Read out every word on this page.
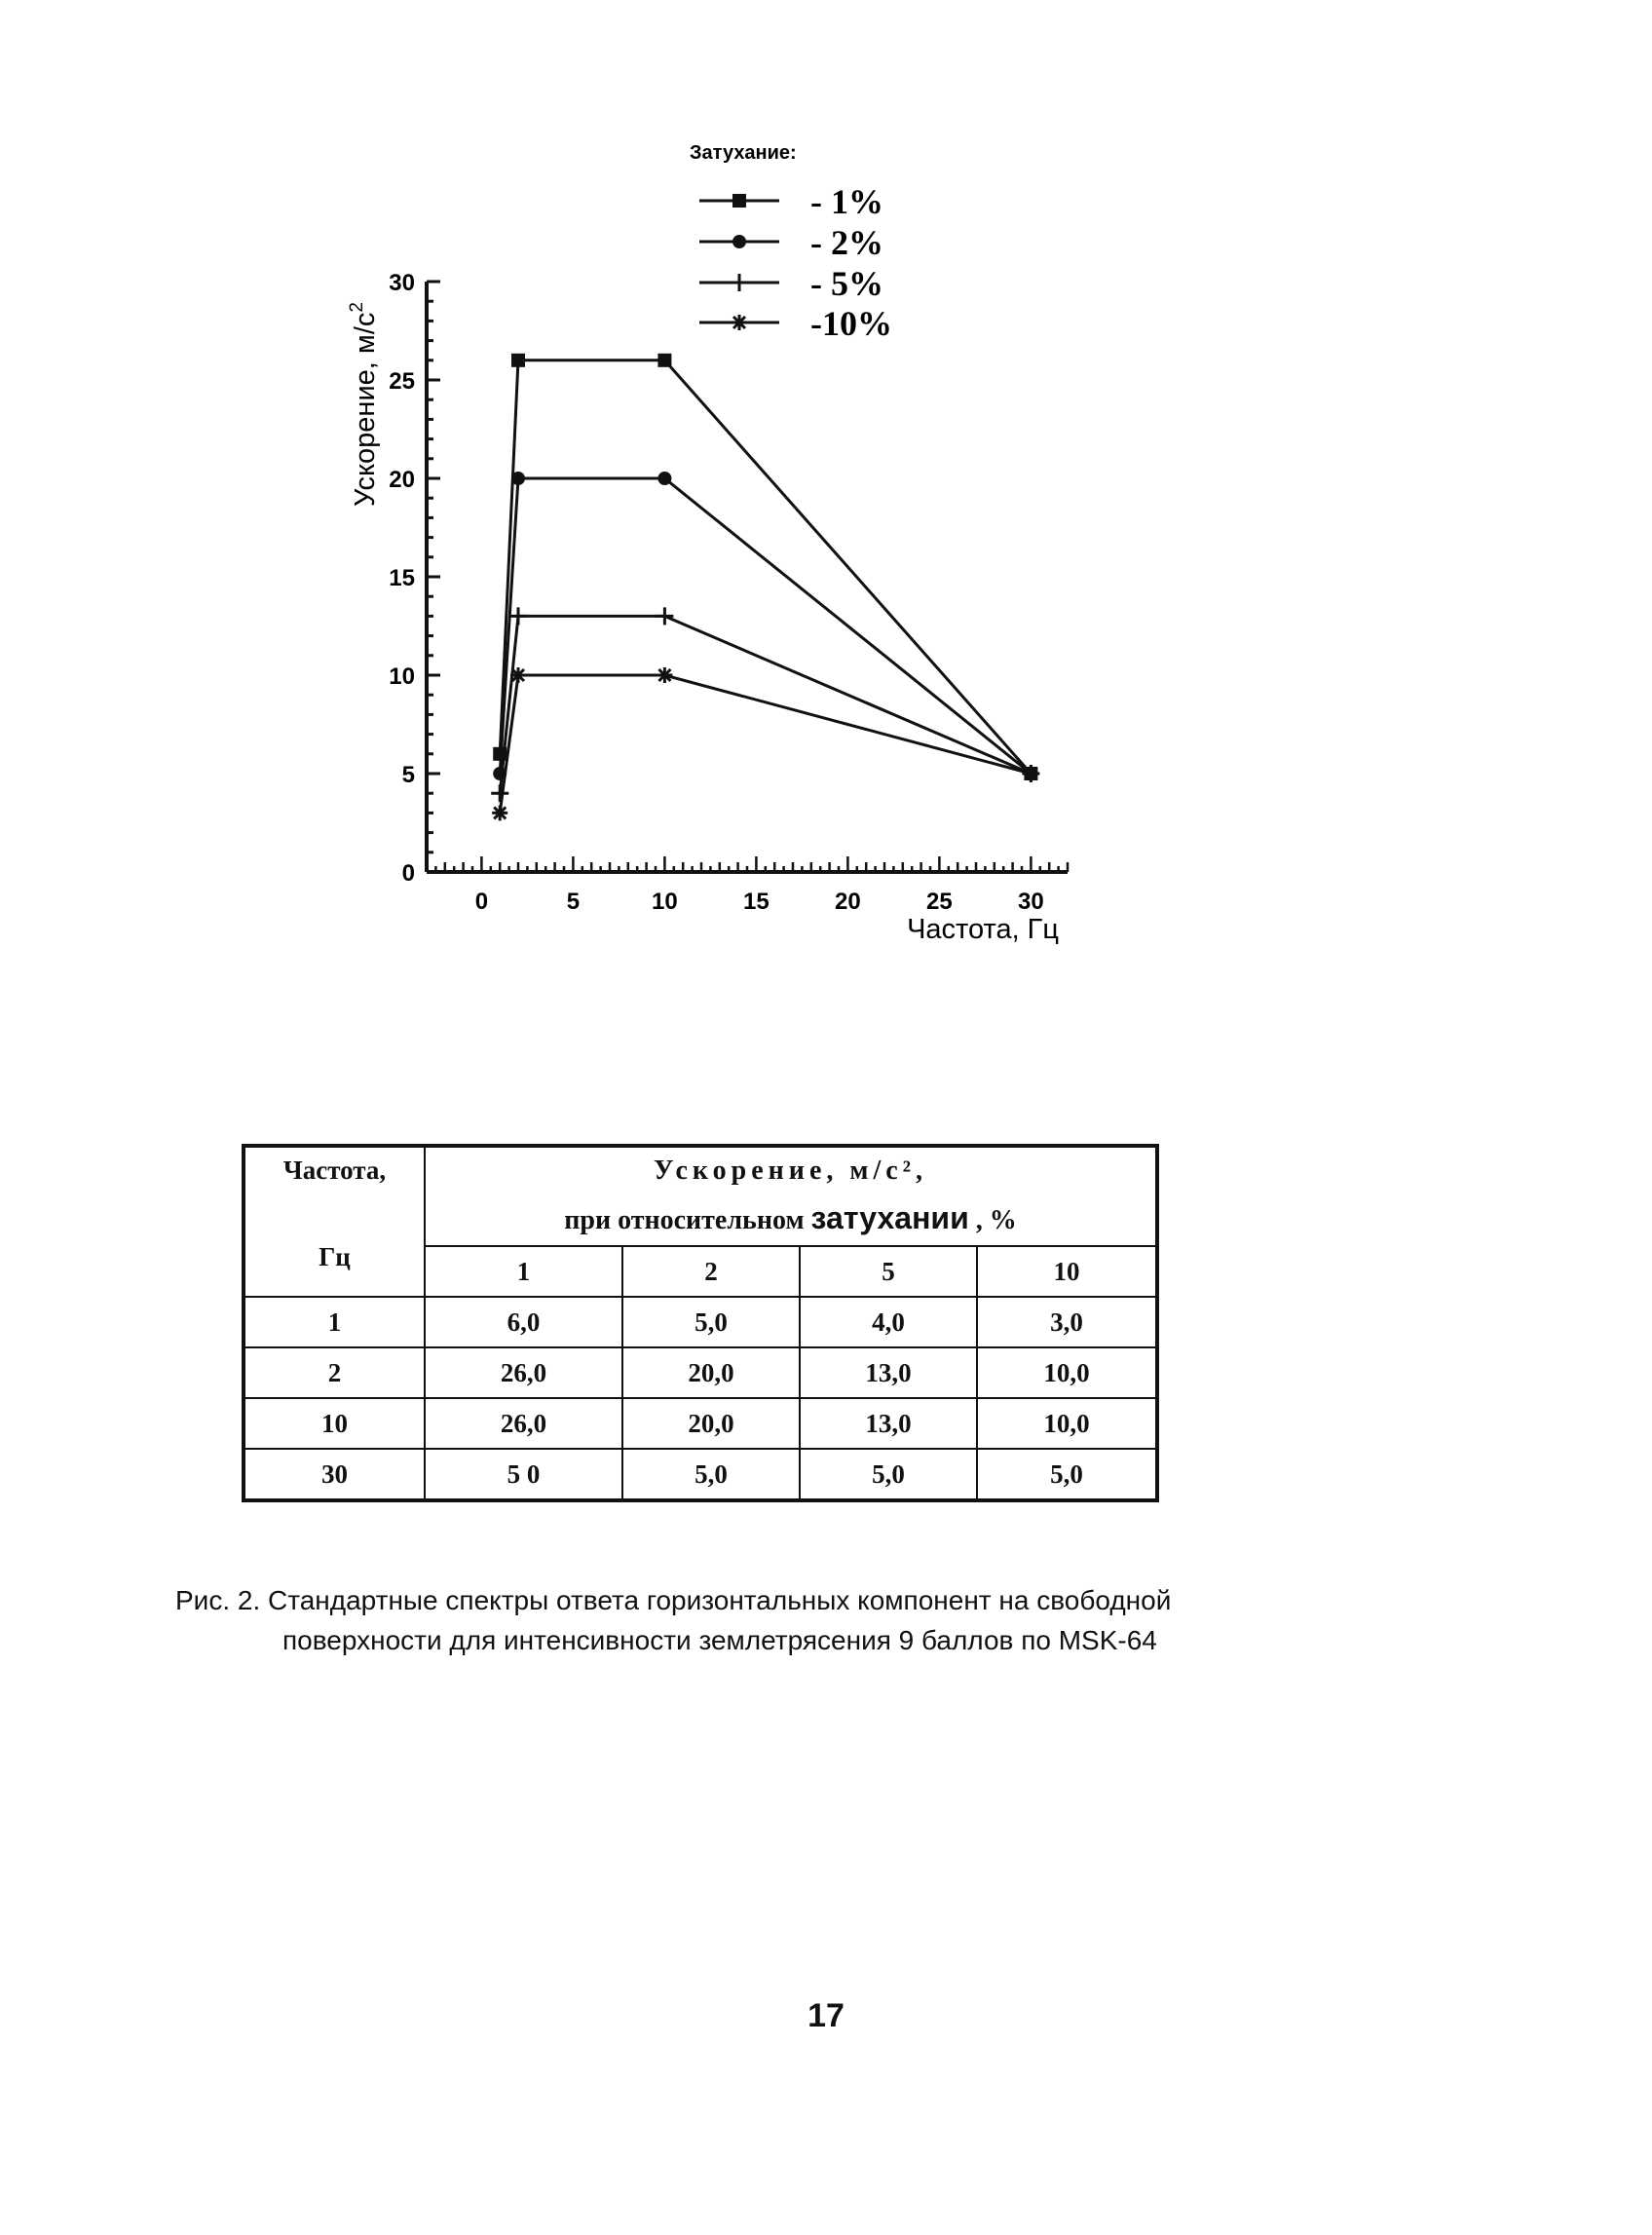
Затухание:
- 1%
- 2%
- 5%
-10%
0
5
10
15
20
25
30
0	5	10	15	20	25	30
Ускорение, $м/с^2$
Частота, Гц
Частота,
Гц	Ускорение, м/с²,
при относительном затухании , %			

	1	2	5	10
1	6,0	5,0	4,0	3,0
2	26,0	20,0	13,0	10,0
10	26,0	20,0	13,0	10,0
30	5 0	5,0	5,0	5,0
Рис. 2. Стандартные спектры ответа горизонтальных компонент на свободной
поверхности для интенсивности землетрясения 9 баллов по MSK-64
17
